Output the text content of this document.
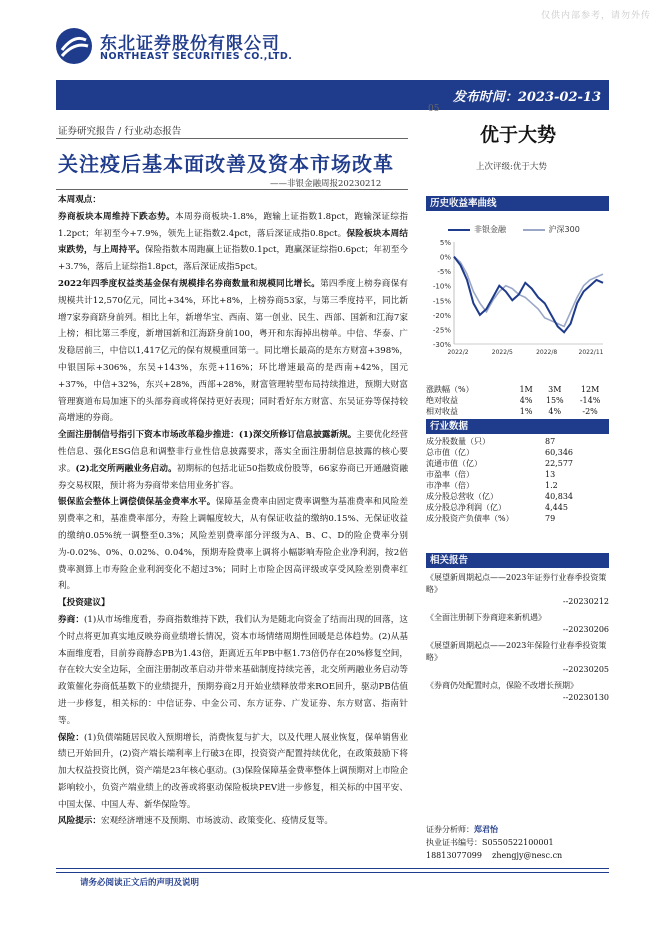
仅供内部参考，请勿外传
东北证券股份有限公司
NORTHEAST SECURITIES CO.,LTD.
发布时间：2023-02-13
05
证券研究报告 / 行业动态报告
关注疫后基本面改善及资本市场改革
——非银金融周报20230212
优于大势
上次评级:优于大势

本周观点：

券商板块本周维持下跌态势。本周券商板块-1.8%，跑输上证指数1.8pct，跑输深证综指1.2pct；年初至今+7.9%，领先上证指数2.4pct，落后深证成指0.8pct。保险板块本周结束跌势，与上周持平。保险指数本周跑赢上证指数0.1pct，跑赢深证综指0.6pct；年初至今+3.7%，落后上证综指1.8pct，落后深证成指5pct。

2022年四季度权益类基金保有规模排名券商数量和规模同比增长。第四季度上榜券商保有规模共计12,570亿元，同比+34%，环比+8%，上榜券商53家，与第三季度持平，同比新增7家券商跻身前列。相比上年，新增华宝、西南、第一创业、民生、西部、国新和江海7家上榜；相比第三季度，新增国新和江海跻身前100，粤开和东海掉出榜单。中信、华泰、广发稳居前三，中信以1,417亿元的保有规模重回第一。同比增长最高的是东方财富+398%，中银国际+306%，东吴+143%，东莞+116%；环比增速最高的是西南+42%，国元+37%，中信+32%，东兴+28%，西部+28%，财富管理转型布局持续推进，预期大财富管理赛道布局加速下的头部券商或将保持更好表现；同时看好东方财富、东吴证券等保持较高增速的券商。

全面注册制信号指引下资本市场改革稳步推进：(1)深交所修订信息披露新规。主要优化经营性信息、强化ESG信息和调整非行业性信息披露要求，落实全面注册制信息披露的核心要求。(2)北交所两融业务启动。初期标的包括北证50指数成份股等，66家券商已开通融资融券交易权限，预计将为券商带来信用业务扩容。

银保监会整体上调偿债保基金费率水平。保障基金费率由固定费率调整为基准费率和风险差别费率之和，基准费率部分，寿险上调幅度较大，从有保证收益的缴纳0.15%、无保证收益的缴纳0.05%统一调整至0.3%；风险差别费率部分评级为A、B、C、D的险企费率分别为-0.02%、0%、0.02%、0.04%，预期寿险费率上调将小幅影响寿险企业净利润，按2倍费率测算上市寿险企业利润变化不超过3%；同时上市险企因高评级或享受风险差别费率红利。

【投资建议】

券商：(1)从市场维度看，券商指数维持下跌，我们认为是随北向资金了结而出现的回落，这个时点将更加真实地反映券商业绩增长情况，资本市场情绪周期性回暖是总体趋势。(2)从基本面维度看，目前券商静态PB为1.43倍，距离近五年PB中枢1.73倍仍存在20%修复空间，存在较大安全边际，全面注册制改革启动并带来基础制度持续完善，北交所两融业务启动等政策催化券商低基数下的业绩提升，预期券商2月开始业绩释放带来ROE回升，驱动PB估值进一步修复，相关标的：中信证券、中金公司、东方证券、广发证券、东方财富、指南针等。

保险：(1)负债端随居民收入预期增长，消费恢复与扩大，以及代理人展业恢复，保单销售业绩已开始回升，(2)资产端长端利率上行破3在即，投资资产配置持续优化，在政策鼓励下将加大权益投资比例，资产端是23年核心驱动。(3)保险保障基金费率整体上调预期对上市险企影响较小，负资产端业绩上的改善或将驱动保险板块PEV进一步修复，相关标的中国平安、中国太保、中国人寿、新华保险等。

风险提示：宏观经济增速不及预期、市场波动、政策变化、疫情反复等。

历史收益率曲线
非银金融	沪深300
5%
0%
-5%
-10%
-15%
-20%
-25%
-30%
2022/2	2022/5	2022/8	2022/11
涨跌幅（%）	1M	3M	12M
绝对收益	4%	15%	-14%
相对收益	1%	4%	-2%
行业数据
成分股数量（只）	87
总市值（亿）	60,346
流通市值（亿）	22,577
市盈率（倍）	13
市净率（倍）	1.2
成分股总营收（亿）	40,834
成分股总净利润（亿）	4,445
成分股资产负债率（%）	79
相关报告
《展望新周期起点——2023年证券行业春季投资策略》
--20230212
《全面注册制下券商迎来新机遇》
--20230206
《展望新周期起点——2023年保险行业春季投资策略》
--20230205
《券商仍处配置时点，保险不改增长预期》
--20230130
证券分析师：郑君怡
执业证书编号：S0550522100001
18813077099 zhengjy@nesc.cn
请务必阅读正文后的声明及说明
